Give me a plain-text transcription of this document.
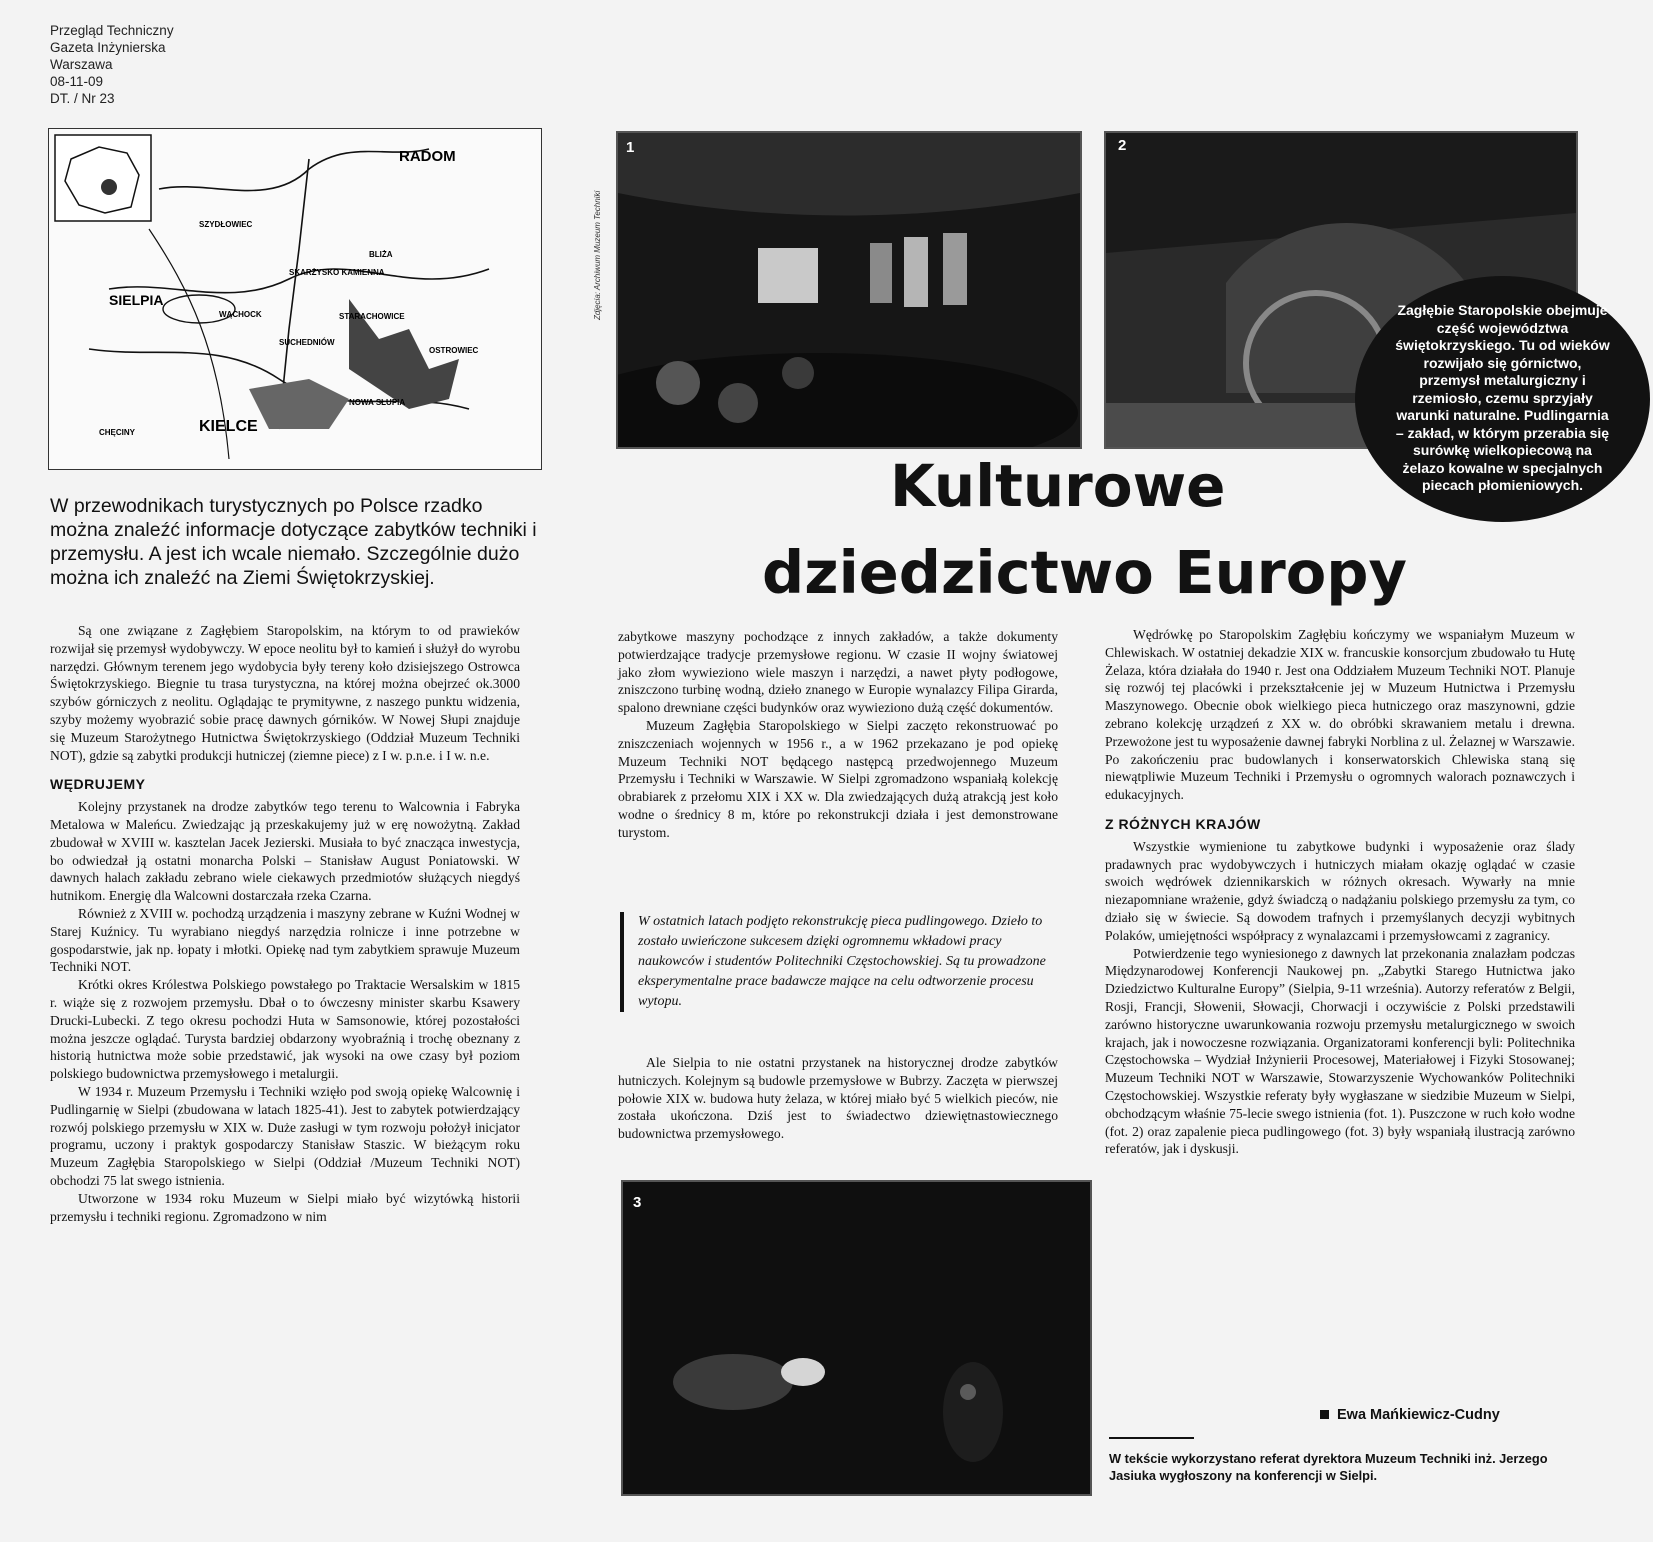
Przegląd Techniczny
Gazeta Inżynierska
Warszawa
08-11-09
DT. / Nr 23
RADOM
SIELPIA
SZYDŁOWIEC
SKARŻYSKO KAMIENNA
BLIŻA
STARACHOWICE
OSTROWIEC
NOWA SŁUPIA
KIELCE
CHĘCINY
WĄCHOCK
SUCHEDNIÓW
W przewodnikach turystycznych po Polsce rzadko można znaleźć informacje dotyczące zabytków techniki i przemysłu. A jest ich wcale niemało. Szczególnie dużo można ich znaleźć na Ziemi Świętokrzyskiej.

Są one związane z Zagłębiem Staropolskim, na którym to od prawieków rozwijał się przemysł wydobywczy. W epoce neolitu był to kamień i służył do wyrobu narzędzi. Głównym terenem jego wydobycia były tereny koło dzisiejszego Ostrowca Świętokrzyskiego. Biegnie tu trasa turystyczna, na której można obejrzeć ok.3000 szybów górniczych z neolitu. Oglądając te prymitywne, z naszego punktu widzenia, szyby możemy wyobrazić sobie pracę dawnych górników. W Nowej Słupi znajduje się Muzeum Starożytnego Hutnictwa Świętokrzyskiego (Oddział Muzeum Techniki NOT), gdzie są zabytki produkcji hutniczej (ziemne piece) z I w. p.n.e. i I w. n.e.

WĘDRUJEMY

Kolejny przystanek na drodze zabytków tego terenu to Walcownia i Fabryka Metalowa w Maleńcu. Zwiedzając ją przeskakujemy już w erę nowożytną. Zakład zbudował w XVIII w. kasztelan Jacek Jezierski. Musiała to być znacząca inwestycja, bo odwiedzał ją ostatni monarcha Polski – Stanisław August Poniatowski. W dawnych halach zakładu zebrano wiele ciekawych przedmiotów służących niegdyś hutnikom. Energię dla Walcowni dostarczała rzeka Czarna.

Również z XVIII w. pochodzą urządzenia i maszyny zebrane w Kuźni Wodnej w Starej Kuźnicy. Tu wyrabiano niegdyś narzędzia rolnicze i inne potrzebne w gospodarstwie, jak np. łopaty i młotki. Opiekę nad tym zabytkiem sprawuje Muzeum Techniki NOT.

Krótki okres Królestwa Polskiego powstałego po Traktacie Wersalskim w 1815 r. wiąże się z rozwojem przemysłu. Dbał o to ówczesny minister skarbu Ksawery Drucki-Lubecki. Z tego okresu pochodzi Huta w Samsonowie, której pozostałości można jeszcze oglądać. Turysta bardziej obdarzony wyobraźnią i trochę obeznany z historią hutnictwa może sobie przedstawić, jak wysoki na owe czasy był poziom polskiego budownictwa przemysłowego i metalurgii.

W 1934 r. Muzeum Przemysłu i Techniki wzięło pod swoją opiekę Walcownię i Pudlingarnię w Sielpi (zbudowana w latach 1825-41). Jest to zabytek potwierdzający rozwój polskiego przemysłu w XIX w. Duże zasługi w tym rozwoju położył inicjator programu, uczony i praktyk gospodarczy Stanisław Staszic. W bieżącym roku Muzeum Zagłębia Staropolskiego w Sielpi (Oddział /Muzeum Techniki NOT) obchodzi 75 lat swego istnienia.

Utworzone w 1934 roku Muzeum w Sielpi miało być wizytówką historii przemysłu i techniki regionu. Zgromadzono w nim

Zdjęcia: Archiwum Muzeum Techniki
1	2
Zagłębie Staropolskie obejmuje część województwa świętokrzyskiego. Tu od wieków rozwijało się górnictwo, przemysł metalurgiczny i rzemiosło, czemu sprzyjały warunki naturalne. Pudlingarnia – zakład, w którym przerabia się surówkę wielkopiecową na żelazo kowalne w specjalnych piecach płomieniowych.
Kulturowe
dziedzictwo Europy

zabytkowe maszyny pochodzące z innych zakładów, a także dokumenty potwierdzające tradycje przemysłowe regionu. W czasie II wojny światowej jako złom wywieziono wiele maszyn i narzędzi, a nawet płyty podłogowe, zniszczono turbinę wodną, dzieło znanego w Europie wynalazcy Filipa Girarda, spalono drewniane części budynków oraz wywieziono dużą część dokumentów.

Muzeum Zagłębia Staropolskiego w Sielpi zaczęto rekonstruować po zniszczeniach wojennych w 1956 r., a w 1962 przekazano je pod opiekę Muzeum Techniki NOT będącego następcą przedwojennego Muzeum Przemysłu i Techniki w Warszawie. W Sielpi zgromadzono wspaniałą kolekcję obrabiarek z przełomu XIX i XX w. Dla zwiedzających dużą atrakcją jest koło wodne o średnicy 8 m, które po rekonstrukcji działa i jest demonstrowane turystom.

W ostatnich latach podjęto rekonstrukcję pieca pudlingowego. Dzieło to zostało uwieńczone sukcesem dzięki ogromnemu wkładowi pracy naukowców i studentów Politechniki Częstochowskiej. Są tu prowadzone eksperymentalne prace badawcze mające na celu odtworzenie procesu wytopu.

Ale Sielpia to nie ostatni przystanek na historycznej drodze zabytków hutniczych. Kolejnym są budowle przemysłowe w Bubrzy. Zaczęta w pierwszej połowie XIX w. budowa huty żelaza, w której miało być 5 wielkich pieców, nie została ukończona. Dziś jest to świadectwo dziewiętnastowiecznego budownictwa przemysłowego.

3

Wędrówkę po Staropolskim Zagłębiu kończymy we wspaniałym Muzeum w Chlewiskach. W ostatniej dekadzie XIX w. francuskie konsorcjum zbudowało tu Hutę Żelaza, która działała do 1940 r. Jest ona Oddziałem Muzeum Techniki NOT. Planuje się rozwój tej placówki i przekształcenie jej w Muzeum Hutnictwa i Przemysłu Maszynowego. Obecnie obok wielkiego pieca hutniczego oraz maszynowni, gdzie zebrano kolekcję urządzeń z XX w. do obróbki skrawaniem metalu i drewna. Przewożone jest tu wyposażenie dawnej fabryki Norblina z ul. Żelaznej w Warszawie. Po zakończeniu prac budowlanych i konserwatorskich Chlewiska staną się niewątpliwie Muzeum Techniki i Przemysłu o ogromnych walorach poznawczych i edukacyjnych.

Z RÓŻNYCH KRAJÓW

Wszystkie wymienione tu zabytkowe budynki i wyposażenie oraz ślady pradawnych prac wydobywczych i hutniczych miałam okazję oglądać w czasie swoich wędrówek dziennikarskich w różnych okresach. Wywarły na mnie niezapomniane wrażenie, gdyż świadczą o nadążaniu polskiego przemysłu za tym, co działo się w świecie. Są dowodem trafnych i przemyślanych decyzji wybitnych Polaków, umiejętności współpracy z wynalazcami i przemysłowcami z zagranicy.

Potwierdzenie tego wyniesionego z dawnych lat przekonania znalazłam podczas Międzynarodowej Konferencji Naukowej pn. „Zabytki Starego Hutnictwa jako Dziedzictwo Kulturalne Europy” (Sielpia, 9-11 września). Autorzy referatów z Belgii, Rosji, Francji, Słowenii, Słowacji, Chorwacji i oczywiście z Polski przedstawili zarówno historyczne uwarunkowania rozwoju przemysłu metalurgicznego w swoich krajach, jak i nowoczesne rozwiązania. Organizatorami konferencji byli: Politechnika Częstochowska – Wydział Inżynierii Procesowej, Materiałowej i Fizyki Stosowanej; Muzeum Techniki NOT w Warszawie, Stowarzyszenie Wychowanków Politechniki Częstochowskiej. Wszystkie referaty były wygłaszane w siedzibie Muzeum w Sielpi, obchodzącym właśnie 75-lecie swego istnienia (fot. 1). Puszczone w ruch koło wodne (fot. 2) oraz zapalenie pieca pudlingowego (fot. 3) były wspaniałą ilustracją zarówno referatów, jak i dyskusji.

Ewa Mańkiewicz-Cudny
W tekście wykorzystano referat dyrektora Muzeum Techniki inż. Jerzego Jasiuka wygłoszony na konferencji w Sielpi.
